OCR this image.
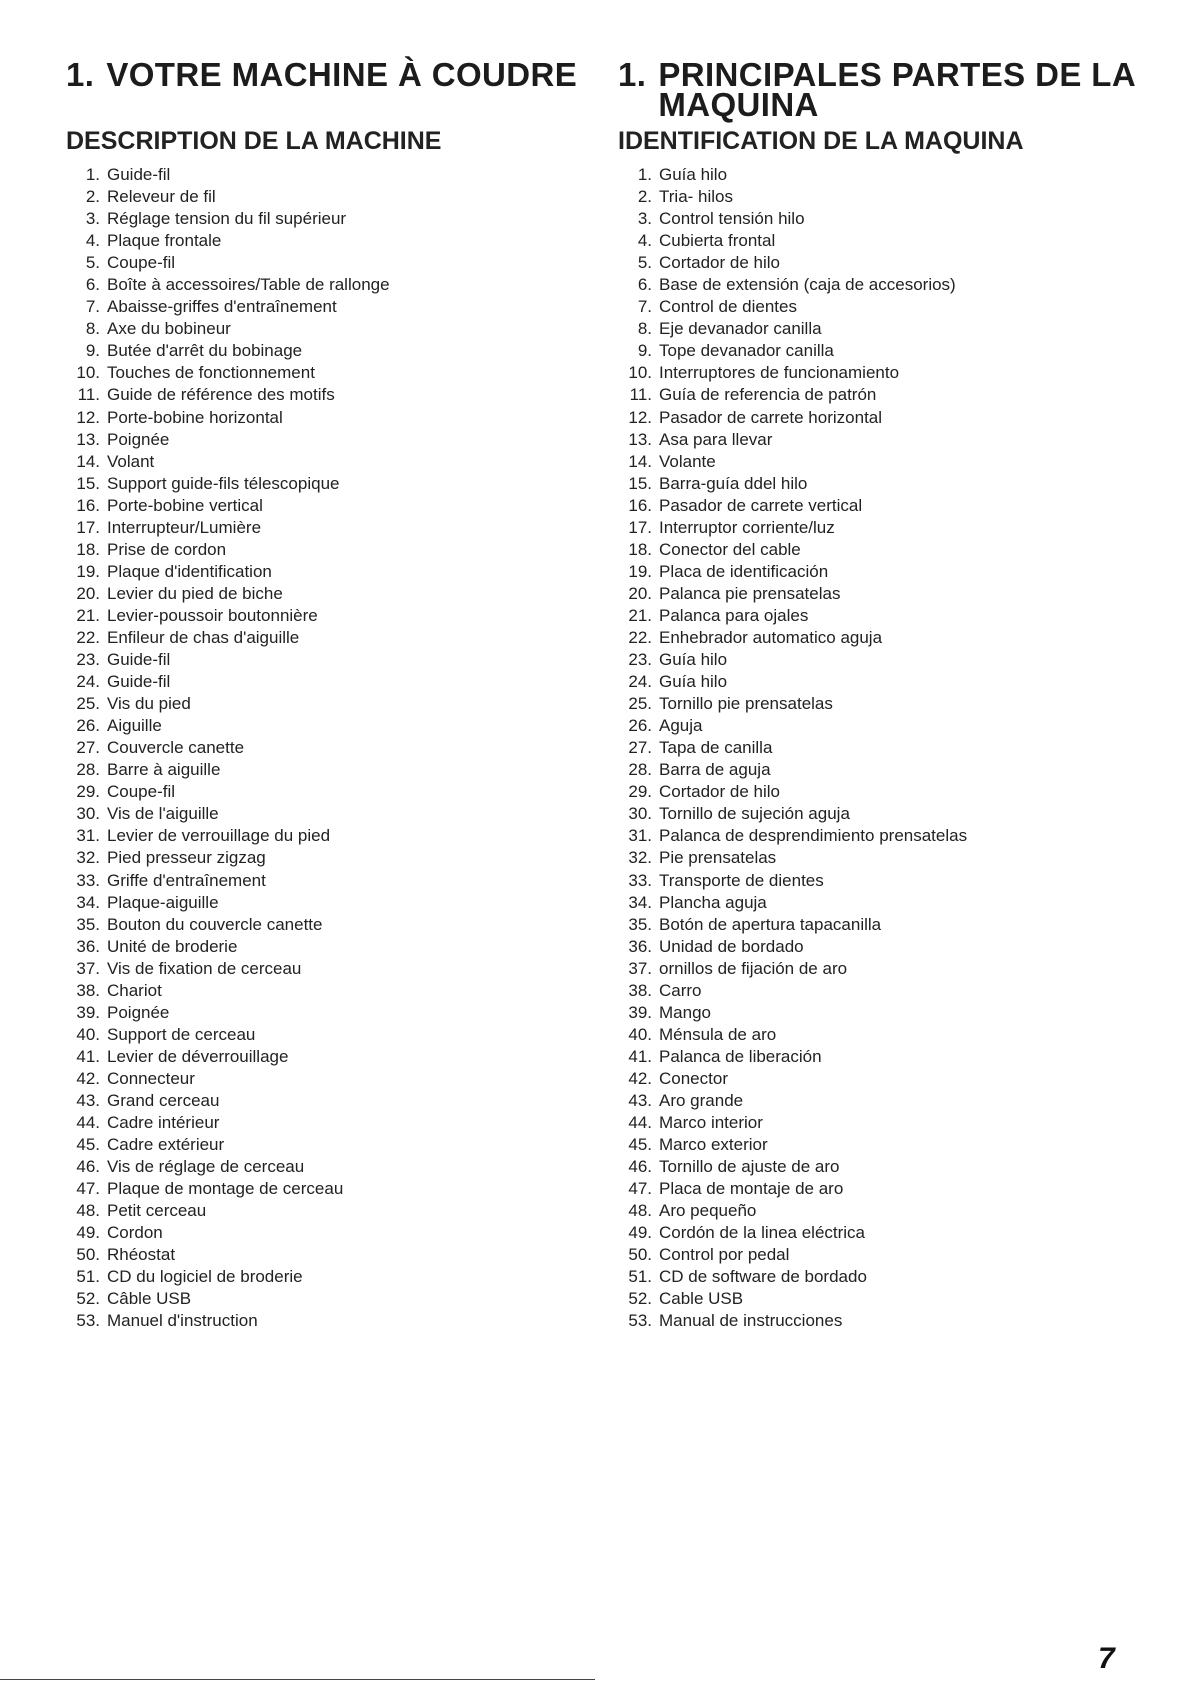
1. VOTRE MACHINE À COUDRE
DESCRIPTION DE LA MACHINE
1. Guide-fil
2. Releveur de fil
3. Réglage tension du fil supérieur
4. Plaque frontale
5. Coupe-fil
6. Boîte à accessoires/Table de rallonge
7. Abaisse-griffes d'entraînement
8. Axe du bobineur
9. Butée d'arrêt du bobinage
10. Touches de fonctionnement
11. Guide de référence des motifs
12. Porte-bobine horizontal
13. Poignée
14. Volant
15. Support guide-fils télescopique
16. Porte-bobine vertical
17. Interrupteur/Lumière
18. Prise de cordon
19. Plaque d'identification
20. Levier du pied de biche
21. Levier-poussoir boutonnière
22. Enfileur de chas d'aiguille
23. Guide-fil
24. Guide-fil
25. Vis du pied
26. Aiguille
27. Couvercle canette
28. Barre à aiguille
29. Coupe-fil
30. Vis de l'aiguille
31. Levier de verrouillage du pied
32. Pied presseur zigzag
33. Griffe d'entraînement
34. Plaque-aiguille
35. Bouton du couvercle canette
36. Unité de broderie
37. Vis de fixation de cerceau
38. Chariot
39. Poignée
40. Support de cerceau
41. Levier de déverrouillage
42. Connecteur
43. Grand cerceau
44. Cadre intérieur
45. Cadre extérieur
46. Vis de réglage de cerceau
47. Plaque de montage de cerceau
48. Petit cerceau
49. Cordon
50. Rhéostat
51. CD du logiciel de broderie
52. Câble USB
53. Manuel d'instruction
1. PRINCIPALES PARTES DE LA MAQUINA
IDENTIFICATION DE LA MAQUINA
1. Guía hilo
2. Tria- hilos
3. Control tensión hilo
4. Cubierta frontal
5. Cortador de hilo
6. Base de extensión (caja de accesorios)
7. Control de dientes
8. Eje devanador canilla
9. Tope devanador canilla
10. Interruptores de funcionamiento
11. Guía de referencia de patrón
12. Pasador de carrete horizontal
13. Asa para llevar
14. Volante
15. Barra-guía ddel hilo
16. Pasador de carrete vertical
17. Interruptor corriente/luz
18. Conector del cable
19. Placa de identificación
20. Palanca pie prensatelas
21. Palanca para ojales
22. Enhebrador automatico aguja
23. Guía hilo
24. Guía hilo
25. Tornillo pie prensatelas
26. Aguja
27. Tapa de canilla
28. Barra de aguja
29. Cortador de hilo
30. Tornillo de sujeción aguja
31. Palanca de desprendimiento prensatelas
32. Pie prensatelas
33. Transporte de dientes
34. Plancha aguja
35. Botón de apertura tapacanilla
36. Unidad de bordado
37. ornillos de fijación de aro
38. Carro
39. Mango
40. Ménsula de aro
41. Palanca de liberación
42. Conector
43. Aro grande
44. Marco interior
45. Marco exterior
46. Tornillo de ajuste de aro
47. Placa de montaje de aro
48. Aro pequeño
49. Cordón de la linea eléctrica
50. Control por pedal
51. CD de software de bordado
52. Cable USB
53. Manual de instrucciones
7
